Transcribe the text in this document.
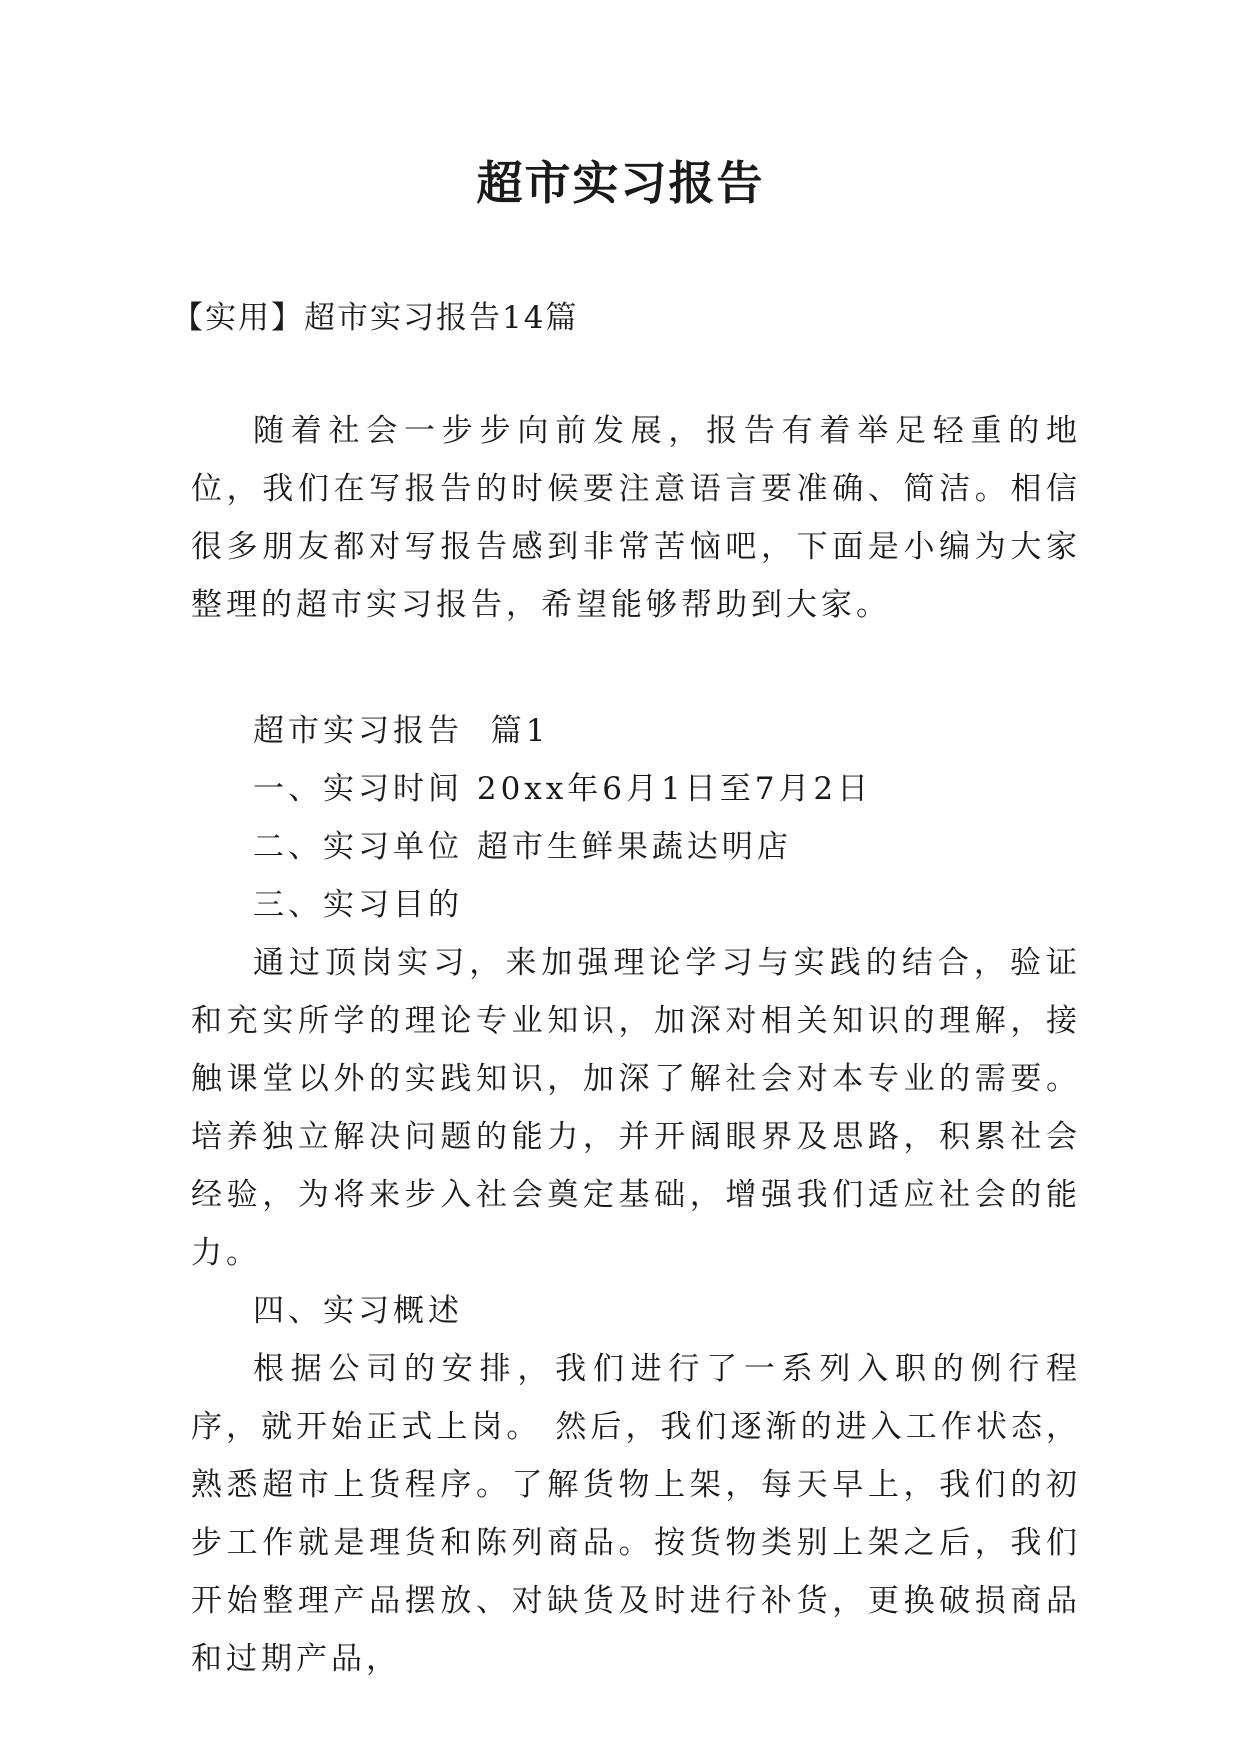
超市实习报告
【实用】超市实习报告14篇

随着社会一步步向前发展，报告有着举足轻重的地位，我们在写报告的时候要注意语言要准确、简洁。相信很多朋友都对写报告感到非常苦恼吧，下面是小编为大家整理的超市实习报告，希望能够帮助到大家。

超市实习报告  篇1

一、实习时间 20xx年6月1日至7月2日

二、实习单位 超市生鲜果蔬达明店

三、实习目的

通过顶岗实习，来加强理论学习与实践的结合，验证和充实所学的理论专业知识，加深对相关知识的理解，接触课堂以外的实践知识，加深了解社会对本专业的需要。培养独立解决问题的能力，并开阔眼界及思路，积累社会经验，为将来步入社会奠定基础，增强我们适应社会的能力。

四、实习概述

根据公司的安排，我们进行了一系列入职的例行程序，就开始正式上岗。 然后，我们逐渐的进入工作状态，熟悉超市上货程序。了解货物上架，每天早上，我们的初步工作就是理货和陈列商品。按货物类别上架之后，我们开始整理产品摆放、对缺货及时进行补货，更换破损商品和过期产品，
